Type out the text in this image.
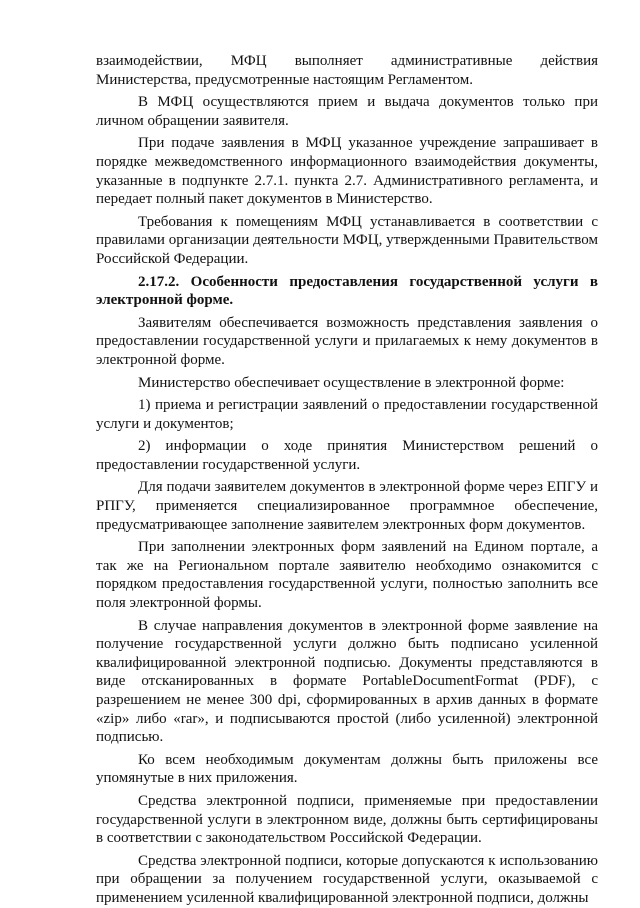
взаимодействии, МФЦ выполняет административные действия Министерства, предусмотренные настоящим Регламентом.

В МФЦ осуществляются прием и выдача документов только при личном обращении заявителя.

При подаче заявления в МФЦ указанное учреждение запрашивает в порядке межведомственного информационного взаимодействия документы, указанные в подпункте 2.7.1. пункта 2.7. Административного регламента, и передает полный пакет документов в Министерство.

Требования к помещениям МФЦ устанавливается в соответствии с правилами организации деятельности МФЦ, утвержденными Правительством Российской Федерации.

2.17.2. Особенности предоставления государственной услуги в электронной форме.

Заявителям обеспечивается возможность представления заявления о предоставлении государственной услуги и прилагаемых к нему документов в электронной форме.

Министерство обеспечивает осуществление в электронной форме:

1) приема и регистрации заявлений о предоставлении государственной услуги и документов;

2) информации о ходе принятия Министерством решений о предоставлении государственной услуги.

Для подачи заявителем документов в электронной форме через ЕПГУ и РПГУ, применяется специализированное программное обеспечение, предусматривающее заполнение заявителем электронных форм документов.

При заполнении электронных форм заявлений на Едином портале, а так же на Региональном портале заявителю необходимо ознакомится с порядком предоставления государственной услуги, полностью заполнить все поля электронной формы.

В случае направления документов в электронной форме заявление на получение государственной услуги должно быть подписано усиленной квалифицированной электронной подписью. Документы представляются в виде отсканированных в формате PortableDocumentFormat (PDF), с разрешением не менее 300 dpi, сформированных в архив данных в формате «zip» либо «rar», и подписываются простой (либо усиленной) электронной подписью.

Ко всем необходимым документам должны быть приложены все упомянутые в них приложения.

Средства электронной подписи, применяемые при предоставлении государственной услуги в электронном виде, должны быть сертифицированы в соответствии с законодательством Российской Федерации.

Средства электронной подписи, которые допускаются к использованию при обращении за получением государственной услуги, оказываемой с применением усиленной квалифицированной электронной подписи, должны
